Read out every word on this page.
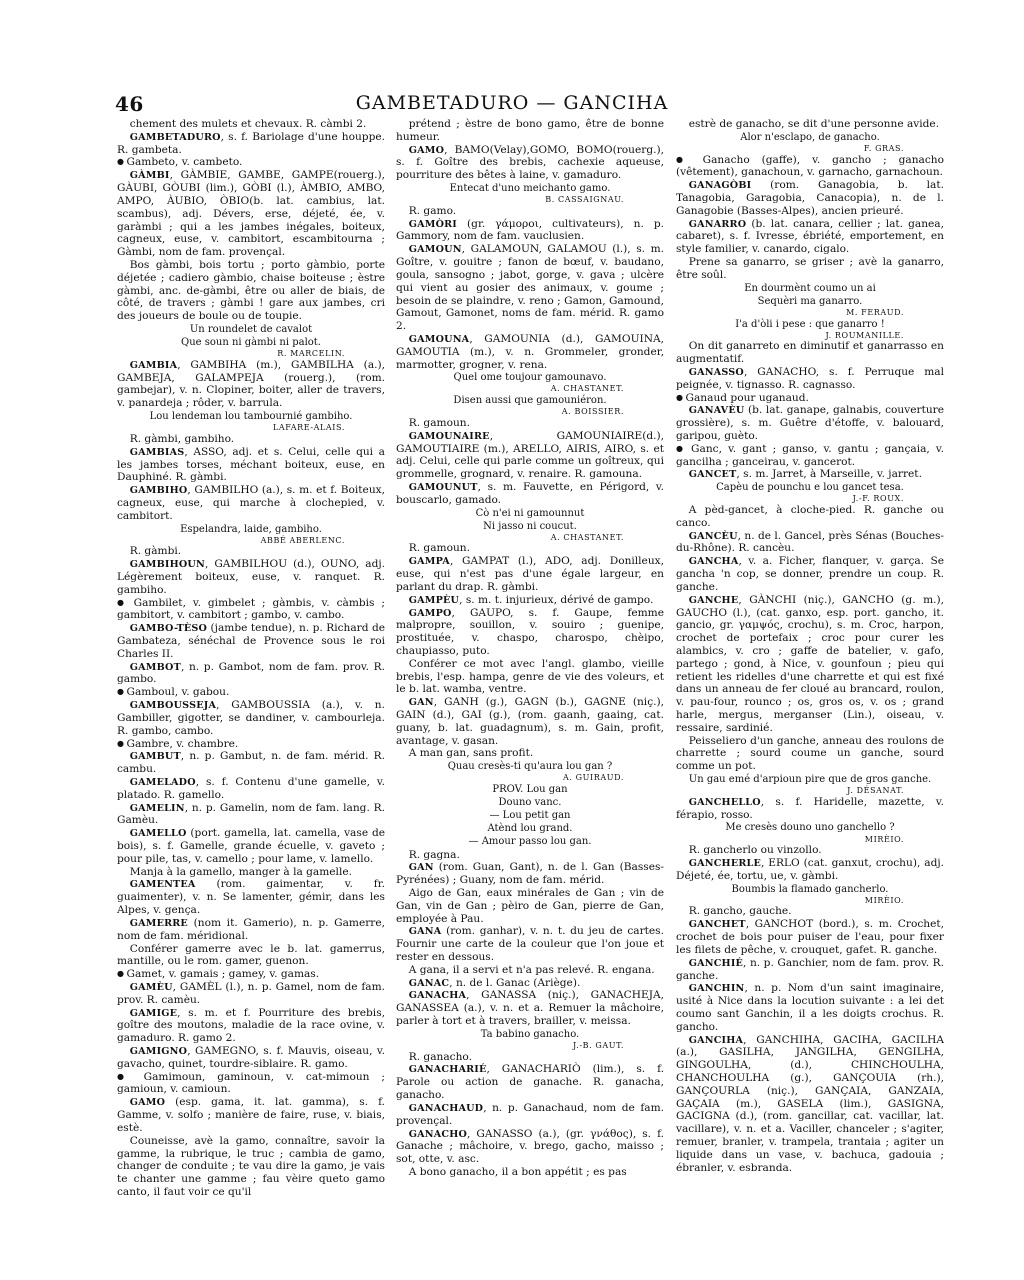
46	GAMBETADURO — GANCIHA

chement des mulets et chevaux. R. càmbi 2.

GAMBETADURO, s. f. Bariolage d'une houppe. R. gambeta.

● Gambeto, v. cambeto.

GÀMBI, GÀMBIE, GAMBE, GAMPE(rouerg.), GÀUBI, GÒUBI (lim.), GÒBI (l.), ÀMBIO, AMBO, AMPO, ÀUBIO, ÒBIO(b. lat. cambius, lat. scambus), adj. Dévers, erse, déjeté, ée, v. garàmbi ; qui a les jambes inégales, boiteux, cagneux, euse, v. cambitort, escambitourna ; Gàmbi, nom de fam. provençal.

Bos gàmbi, bois tortu ; porto gàmbio, porte déjetée ; cadiero gàmbio, chaise boiteuse ; èstre gàmbi, anc. de-gàmbi, être ou aller de biais, de côté, de travers ; gàmbi ! gare aux jambes, cri des joueurs de boule ou de toupie.

Un roundelet de cavalot

Que soun ni gàmbi ni palot.

R. MARCELIN.

GAMBIA, GAMBIHA (m.), GAMBILHA (a.), GAMBEJA, GALAMPEJA (rouerg.), (rom. gambejar), v. n. Clopiner, boiter, aller de travers, v. panardeja ; rôder, v. barrula.

Lou lendeman lou tambournié gambiho.

LAFARE-ALAIS.

R. gàmbi, gambiho.

GAMBIAS, ASSO, adj. et s. Celui, celle qui a les jambes torses, méchant boiteux, euse, en Dauphiné. R. gàmbi.

GAMBIHO, GAMBILHO (a.), s. m. et f. Boiteux, cagneux, euse, qui marche à clochepied, v. cambitort.

Espelandra, laide, gambiho.

ABBÉ ABERLENC.

R. gàmbi.

GAMBIHOUN, GAMBILHOU (d.), OUNO, adj. Légèrement boiteux, euse, v. ranquet. R. gambiho.

● Gambilet, v. gimbelet ; gàmbis, v. càmbis ; gambitort, v. cambitort ; gambo, v. cambo.

GAMBO-TÈSO (jambe tendue), n. p. Richard de Gambateza, sénéchal de Provence sous le roi Charles II.

GAMBOT, n. p. Gambot, nom de fam. prov. R. gambo.

● Gamboul, v. gabou.

GAMBOUSSEJA, GAMBOUSSIA (a.), v. n. Gambiller, gigotter, se dandiner, v. cambourleja. R. gambo, cambo.

● Gambre, v. chambre.

GAMBUT, n. p. Gambut, n. de fam. mérid. R. cambu.

GAMELADO, s. f. Contenu d'une gamelle, v. platado. R. gamello.

GAMELIN, n. p. Gamelin, nom de fam. lang. R. Gamèu.

GAMELLO (port. gamella, lat. camella, vase de bois), s. f. Gamelle, grande écuelle, v. gaveto ; pour pile, tas, v. camello ; pour lame, v. lamello.

Manja à la gamello, manger à la gamelle.

GAMENTEA (rom. gaimentar, v. fr. guaimenter), v. n. Se lamenter, gémir, dans les Alpes, v. gença.

GAMERRE (nom it. Gamerio), n. p. Gamerre, nom de fam. méridional.

Conférer gamerre avec le b. lat. gamerrus, mantille, ou le rom. gamer, guenon.

● Gamet, v. gamais ; gamey, v. gamas.

GAMÈU, GAMÈL (l.), n. p. Gamel, nom de fam. prov. R. camèu.

GAMIGE, s. m. et f. Pourriture des brebis, goître des moutons, maladie de la race ovine, v. gamaduro. R. gamo 2.

GAMIGNO, GAMEGNO, s. f. Mauvis, oiseau, v. gavacho, quinet, tourdre-siblaire. R. gamo.

● Gamimoun, gaminoun, v. cat-mimoun ; gamioun, v. camioun.

GAMO (esp. gama, it. lat. gamma), s. f. Gamme, v. solfo ; manière de faire, ruse, v. biais, estè.

Couneisse, avè la gamo, connaître, savoir la gamme, la rubrique, le truc ; cambia de gamo, changer de conduite ; te vau dire la gamo, je vais te chanter une gamme ; fau vèire queto gamo canto, il faut voir ce qu'il

prétend ; èstre de bono gamo, être de bonne humeur.

GAMO, BAMO(Velay),GOMO, BOMO(rouerg.), s. f. Goître des brebis, cachexie aqueuse, pourriture des bêtes à laine, v. gamaduro.

Entecat d'uno meichanto gamo.

B. CASSAIGNAU.

R. gamo.

GAMÒRI (gr. γάμοροι, cultivateurs), n. p. Gammory, nom de fam. vauclusien.

GAMOUN, GALAMOUN, GALAMOU (l.), s. m. Goître, v. gouitre ; fanon de bœuf, v. baudano, goula, sansogno ; jabot, gorge, v. gava ; ulcère qui vient au gosier des animaux, v. goume ; besoin de se plaindre, v. reno ; Gamon, Gamound, Gamout, Gamonet, noms de fam. mérid. R. gamo 2.

GAMOUNA, GAMOUNIA (d.), GAMOUINA, GAMOUTIA (m.), v. n. Grommeler, gronder, marmotter, grogner, v. rena.

Quel ome toujour gamounavo.

A. CHASTANET.

Disen aussi que gamouniéron.

A. BOISSIER.

R. gamoun.

GAMOUNAIRE, GAMOUNIAIRE(d.), GAMOUTIAIRE (m.), ARELLO, AIRIS, AIRO, s. et adj. Celui, celle qui parle comme un goîtreux, qui grommelle, grognard, v. renaire. R. gamouna.

GAMOUNUT, s. m. Fauvette, en Périgord, v. bouscarlo, gamado.

Cò n'ei ni gamounnut

Ni jasso ni coucut.

A. CHASTANET.

R. gamoun.

GAMPA, GAMPAT (l.), ADO, adj. Donilleux, euse, qui n'est pas d'une égale largeur, en parlant du drap. R. gàmbi.

GAMPÈU, s. m. t. injurieux, dérivé de gampo.

GAMPO, GAUPO, s. f. Gaupe, femme malpropre, souillon, v. souiro ; guenipe, prostituée, v. chaspo, charospo, chèipo, chaupiasso, puto.

Conférer ce mot avec l'angl. glambo, vieille brebis, l'esp. hampa, genre de vie des voleurs, et le b. lat. wamba, ventre.

GAN, GANH (g.), GAGN (b.), GAGNE (niç.), GAIN (d.), GAI (g.), (rom. gaanh, gaaing, cat. guany, b. lat. guadagnum), s. m. Gain, profit, avantage, v. gasan.

A man gan, sans profit.

Quau cresès-ti qu'aura lou gan ?

A. GUIRAUD.

PROV. Lou gan

Douno vanc.

— Lou petit gan

Atènd lou grand.

— Amour passo lou gan.

R. gagna.

GAN (rom. Guan, Gant), n. de l. Gan (Basses-Pyrénées) ; Guany, nom de fam. mérid.

Aigo de Gan, eaux minérales de Gan ; vin de Gan, vin de Gan ; pèiro de Gan, pierre de Gan, employée à Pau.

GANA (rom. ganhar), v. n. t. du jeu de cartes. Fournir une carte de la couleur que l'on joue et rester en dessous.

A gana, il a servi et n'a pas relevé. R. engana.

GANAC, n. de l. Ganac (Ariège).

GANACHA, GANASSA (niç.), GANACHEJA, GANASSEA (a.), v. n. et a. Remuer la mâchoire, parler à tort et à travers, brailler, v. meissa.

Ta babino ganacho.

J.-B. GAUT.

R. ganacho.

GANACHARIÉ, GANACHARIÒ (lim.), s. f. Parole ou action de ganache. R. ganacha, ganacho.

GANACHAUD, n. p. Ganachaud, nom de fam. provençal.

GANACHO, GANASSO (a.), (gr. γνάθος), s. f. Ganache ; mâchoire, v. brego, gacho, maisso ; sot, otte, v. asc.

A bono ganacho, il a bon appétit ; es pas

estrè de ganacho, se dit d'une personne avide.

Alor n'esclapo, de ganacho.

F. GRAS.

● Ganacho (gaffe), v. gancho ; ganacho (vêtement), ganachoun, v. garnacho, garnachoun.

GANAGÒBI (rom. Ganagobia, b. lat. Tanagobia, Garagobia, Canacopia), n. de l. Ganagobie (Basses-Alpes), ancien prieuré.

GANARRO (b. lat. canara, cellier ; lat. ganea, cabaret), s. f. Ivresse, ébriété, emportement, en style familier, v. canardo, cigalo.

Prene sa ganarro, se griser ; avè la ganarro, être soûl.

En dourmènt coumo un ai

Sequèri ma ganarro.

M. FERAUD.

I'a d'òli i pese : que ganarro !

J. ROUMANILLE.

On dit ganarreto en diminutif et ganarrasso en augmentatif.

GANASSO, GANACHO, s. f. Perruque mal peignée, v. tignasso. R. cagnasso.

● Ganaud pour uganaud.

GANAVÈU (b. lat. ganape, galnabis, couverture grossière), s. m. Guêtre d'étoffe, v. balouard, garipou, guèto.

● Ganc, v. gant ; ganso, v. gantu ; gançaia, v. gancilha ; ganceirau, v. gancerot.

GANCET, s. m. Jarret, à Marseille, v. jarret.

Capèu de pounchu e lou gancet tesa.

J.-F. ROUX.

A pèd-gancet, à cloche-pied. R. ganche ou canco.

GANCÈU, n. de l. Gancel, près Sénas (Bouches-du-Rhône). R. cancèu.

GANCHA, v. a. Ficher, flanquer, v. garça. Se gancha 'n cop, se donner, prendre un coup. R. ganche.

GANCHE, GÀNCHI (niç.), GANCHO (g. m.), GAUCHO (l.), (cat. ganxo, esp. port. gancho, it. gancio, gr. γαμψός, crochu), s. m. Croc, harpon, crochet de portefaix ; croc pour curer les alambics, v. cro ; gaffe de batelier, v. gafo, partego ; gond, à Nice, v. gounfoun ; pieu qui retient les ridelles d'une charrette et qui est fixé dans un anneau de fer cloué au brancard, roulon, v. pau-four, rounco ; os, gros os, v. os ; grand harle, mergus, merganser (Lin.), oiseau, v. ressaire, sardinié.

Peisseliero d'un ganche, anneau des roulons de charrette ; sourd coume un ganche, sourd comme un pot.

Un gau emé d'arpioun pire que de gros ganche.

J. DÉSANAT.

GANCHELLO, s. f. Haridelle, mazette, v. férapio, rosso.

Me cresès douno uno ganchello ?

MIRÈIO.

R. gancherlo ou vinzollo.

GANCHERLE, ERLO (cat. ganxut, crochu), adj. Déjeté, ée, tortu, ue, v. gàmbi.

Boumbis la flamado gancherlo.

MIRÈIO.

R. gancho, gauche.

GANCHET, GANCHOT (bord.), s. m. Crochet, crochet de bois pour puiser de l'eau, pour fixer les filets de pêche, v. crouquet, gafet. R. ganche.

GANCHIÉ, n. p. Ganchier, nom de fam. prov. R. ganche.

GANCHIN, n. p. Nom d'un saint imaginaire, usité à Nice dans la locution suivante : a lei det coumo sant Ganchin, il a les doigts crochus. R. gancho.

GANCIHA, GANCHIHA, GACIHA, GACILHA (a.), GASILHA, JANGILHA, GENGILHA, GINGOULHA, (d.), CHINCHOULHA, CHANCHOULHA (g.), GANÇOUIA (rh.), GANÇOURLA (niç.), GANÇAIA, GANZAIA, GAÇAIA (m.), GASELA (lim.), GASIGNA, GACIGNA (d.), (rom. gancillar, cat. vacillar, lat. vacillare), v. n. et a. Vaciller, chanceler ; s'agiter, remuer, branler, v. trampela, trantaia ; agiter un liquide dans un vase, v. bachuca, gadouia ; ébranler, v. esbranda.
